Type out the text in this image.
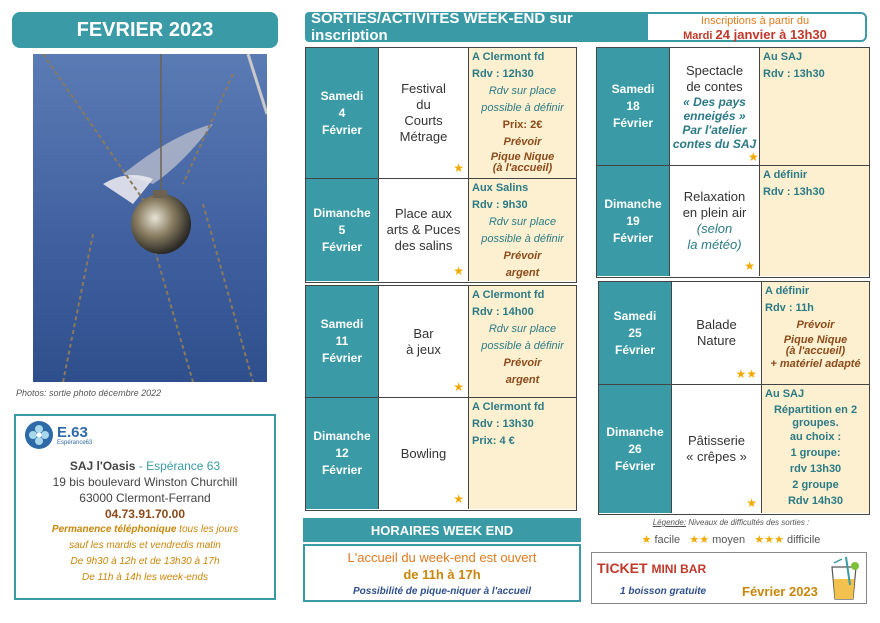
FEVRIER 2023
Photos: sortie photo décembre 2022
E.63
Espérance63
SAJ l'Oasis - Espérance 63
19 bis boulevard Winston Churchill
63000 Clermont-Ferrand
04.73.91.70.00
Permanence téléphonique tous les jours
sauf les mardis et vendredis matin
De 9h30 à 12h et de 13h30 à 17h
De 11h à 14h les week-ends
SORTIES/ACTIVITÉS WEEK-END sur inscription
Inscriptions à partir du
Mardi 24 janvier à 13h30
Samedi
4
Février
Festival
du
Courts
Métrage
★
A Clermont fd
Rdv : 12h30
Rdv sur place
possible à définir
Prix: 2€
Prévoir
Pique Nique
(à l'accueil)
Dimanche
5
Février
Place aux
arts & Puces
des salins
★
Aux Salins
Rdv : 9h30
Rdv sur place
possible à définir
Prévoir
argent
Samedi
11
Février
Bar
à jeux
★
A Clermont fd
Rdv : 14h00
Rdv sur place
possible à définir
Prévoir
argent
Dimanche
12
Février
Bowling
★
A Clermont fd
Rdv : 13h30
Prix: 4 €
Samedi
18
Février
Spectacle
de contes
« Des pays
enneigés »
Par l'atelier
contes du SAJ
★
Au SAJ
Rdv : 13h30
Dimanche
19
Février
Relaxation
en plein air
(selon
la météo)
★
A définir
Rdv : 13h30
Samedi
25
Février
Balade
Nature
★★
A définir
Rdv : 11h
Prévoir
Pique Nique
(à l'accueil)
+ matériel adapté
Dimanche
26
Février
Pâtisserie
« crêpes »
★
Au SAJ
Répartition en 2
groupes.
au choix :
1 groupe:
rdv 13h30
2 groupe
Rdv 14h30
HORAIRES WEEK END
L'accueil du week-end est ouvert
de 11h à 17h
Possibilité de pique-niquer à l'accueil
Légende: Niveaux de difficultés des sorties :
★ facile ★★ moyen ★★★ difficile
TICKET MINI BAR
1 boisson gratuite	Février 2023
